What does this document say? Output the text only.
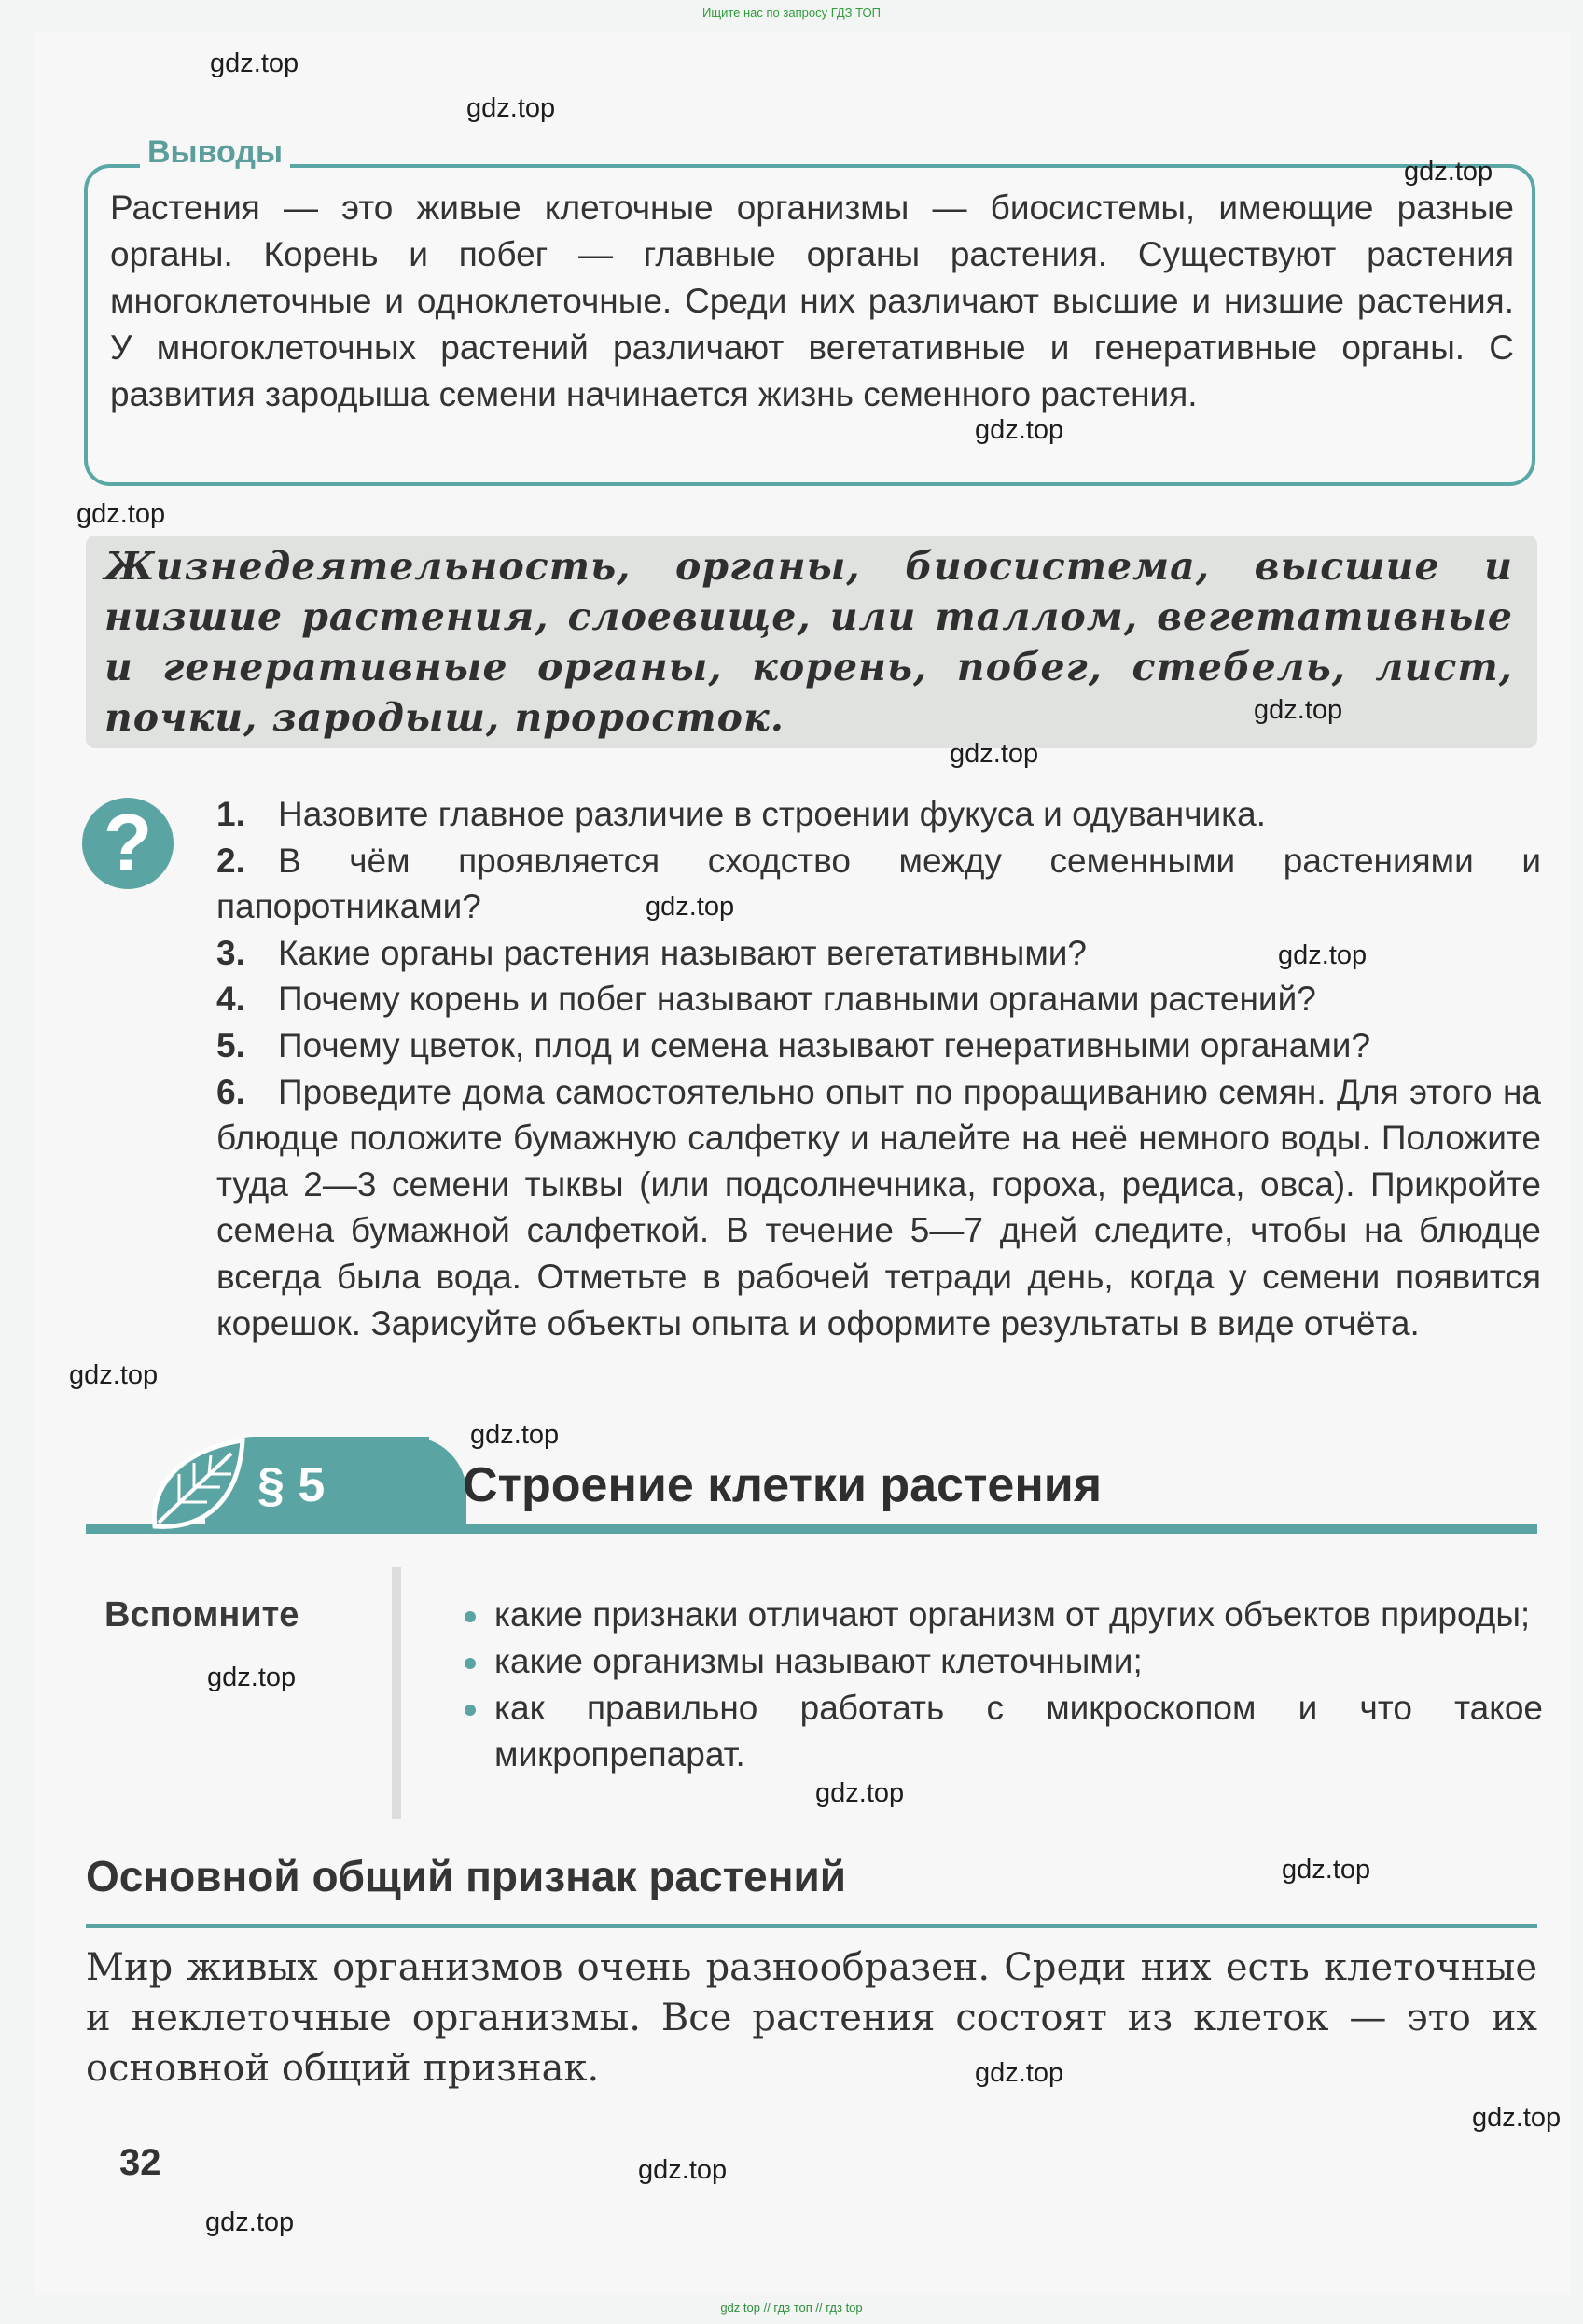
Ищите нас по запросу ГДЗ ТОП
Выводы
Растения — это живые клеточные организмы — биосистемы, имеющие разные органы. Корень и побег — главные органы растения. Существуют растения многоклеточные и одноклеточные. Среди них различают высшие и низшие растения. У многоклеточных растений различают вегетативные и генеративные органы. С развития зародыша семени начинается жизнь семенного растения.
Жизнедеятельность, органы, биосистема, высшие и низшие растения, слоевище, или таллом, вегетативные и генеративные органы, корень, побег, стебель, лист, почки, зародыш, проросток.
?	1. Назовите главное различие в строении фукуса и одуванчика.
2. В чём проявляется сходство между семенными растениями и папоротниками?
3. Какие органы растения называют вегетативными?
4. Почему корень и побег называют главными органами растений?
5. Почему цветок, плод и семена называют генеративными органами?
6. Проведите дома самостоятельно опыт по проращиванию семян. Для этого на блюдце положите бумажную салфетку и налейте на неё немного воды. Положите туда 2—3 семени тыквы (или подсолнечника, гороха, редиса, овса). Прикройте семена бумажной салфеткой. В течение 5—7 дней следите, чтобы на блюдце всегда была вода. Отметьте в рабочей тетради день, когда у семени появится корешок. Зарисуйте объекты опыта и оформите результаты в виде отчёта.
§ 5	Строение клетки растения
Вспомните	какие признаки отличают организм от других объектов природы;
какие организмы называют клеточными;
как правильно работать с микроскопом и что такое микропрепарат.
Основной общий признак растений
Мир живых организмов очень разнообразен. Среди них есть клеточные и неклеточные организмы. Все растения состоят из клеток — это их основной общий признак.
32
gdz.top
gdz.top
gdz.top
gdz.top
gdz.top
gdz.top
gdz.top
gdz.top
gdz.top
gdz.top
gdz.top
gdz.top
gdz.top
gdz.top
gdz.top
gdz.top
gdz.top
gdz.top
gdz top // гдз топ // гдз top
